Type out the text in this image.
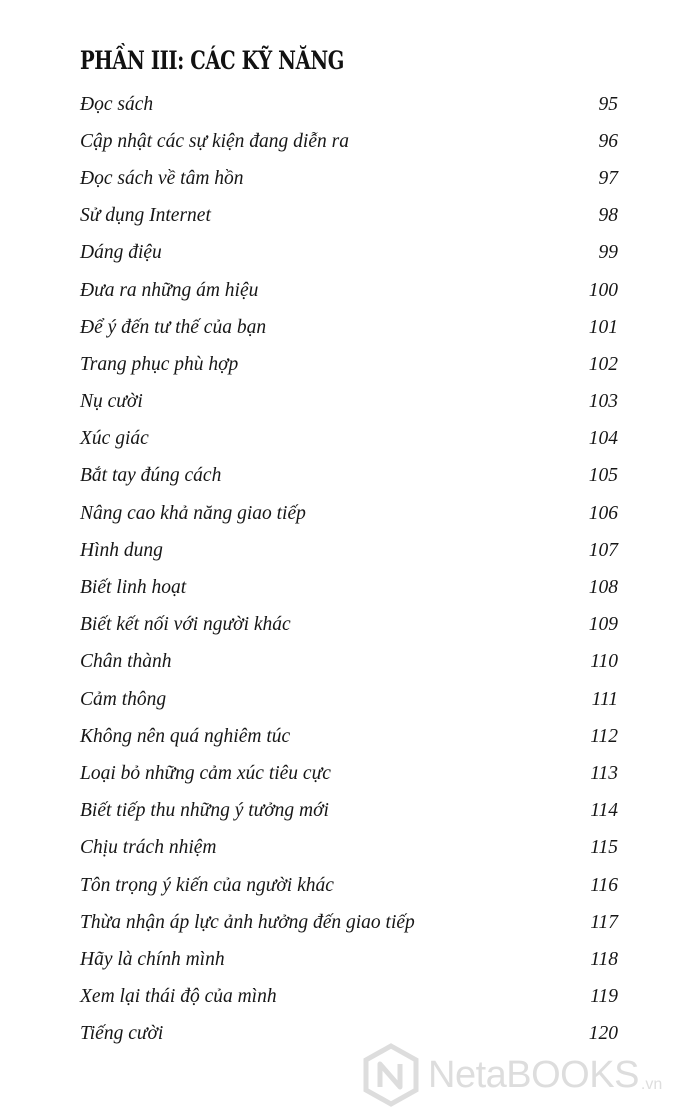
PHẦN III: CÁC KỸ NĂNG
Đọc sách	95
Cập nhật các sự kiện đang diễn ra	96
Đọc sách về tâm hồn	97
Sử dụng Internet	98
Dáng điệu	99
Đưa ra những ám hiệu	100
Để ý đến tư thế của bạn	101
Trang phục phù hợp	102
Nụ cười	103
Xúc giác	104
Bắt tay đúng cách	105
Nâng cao khả năng giao tiếp	106
Hình dung	107
Biết linh hoạt	108
Biết kết nối với người khác	109
Chân thành	110
Cảm thông	111
Không nên quá nghiêm túc	112
Loại bỏ những cảm xúc tiêu cực	113
Biết tiếp thu những ý tưởng mới	114
Chịu trách nhiệm	115
Tôn trọng ý kiến của người khác	116
Thừa nhận áp lực ảnh hưởng đến giao tiếp	117
Hãy là chính mình	118
Xem lại thái độ của mình	119
Tiếng cười	120
NetaBOOKS .vn
